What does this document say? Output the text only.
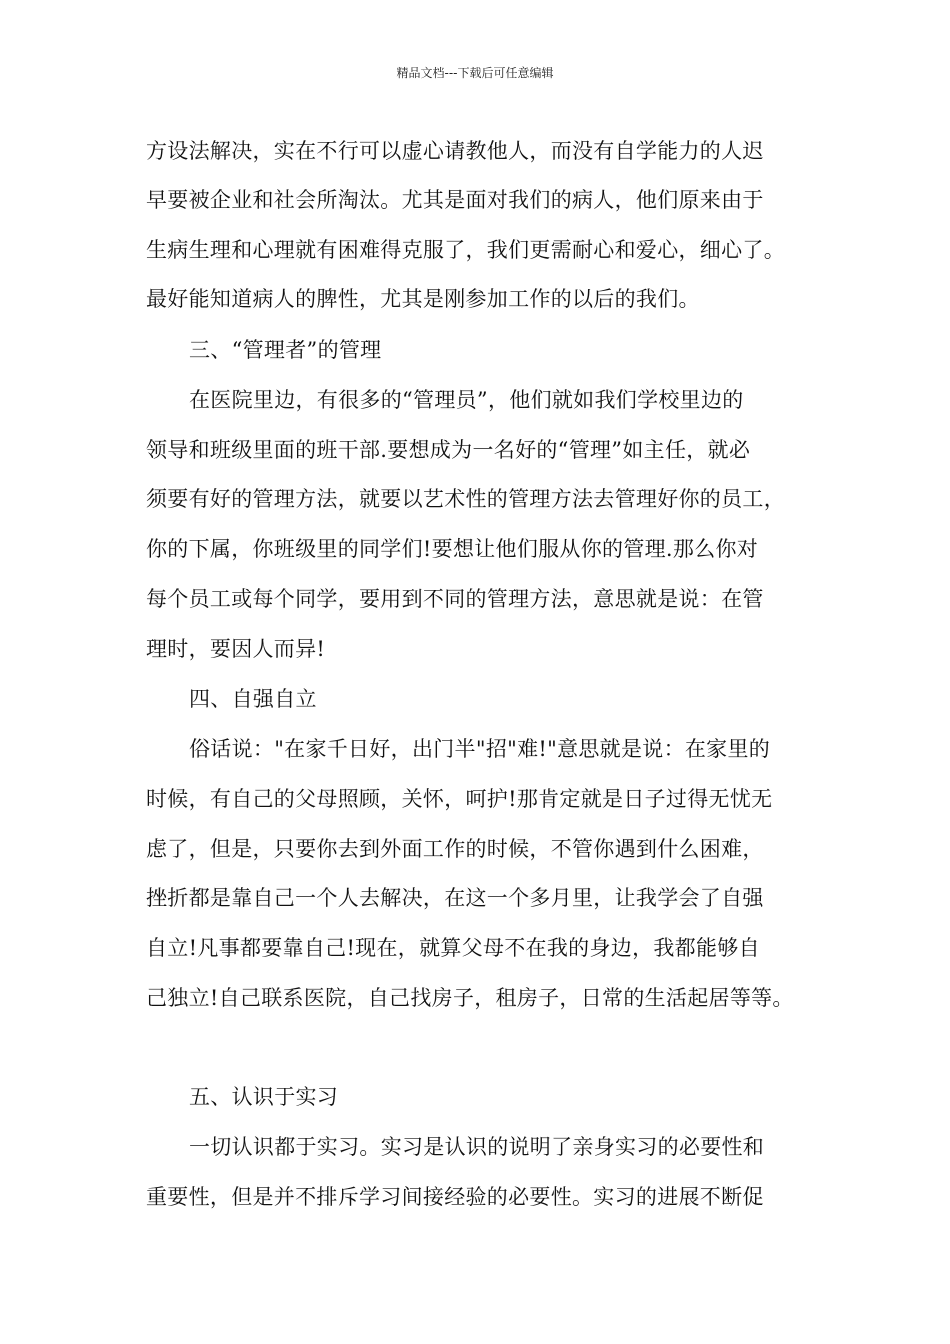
精品文档---下载后可任意编辑
方设法解决，实在不行可以虚心请教他人，而没有自学能力的人迟
早要被企业和社会所淘汰。尤其是面对我们的病人，他们原来由于
生病生理和心理就有困难得克服了，我们更需耐心和爱心，细心了。
最好能知道病人的脾性，尤其是刚参加工作的以后的我们。
三、“管理者”的管理
在医院里边，有很多的“管理员”，他们就如我们学校里边的
领导和班级里面的班干部.要想成为一名好的“管理”如主任，就必
须要有好的管理方法，就要以艺术性的管理方法去管理好你的员工，
你的下属，你班级里的同学们!要想让他们服从你的管理.那么你对
每个员工或每个同学，要用到不同的管理方法，意思就是说：在管
理时，要因人而异!
四、自强自立
俗话说："在家千日好，出门半"招"难!"意思就是说：在家里的
时候，有自己的父母照顾，关怀，呵护!那肯定就是日子过得无忧无
虑了，但是，只要你去到外面工作的时候，不管你遇到什么困难，
挫折都是靠自己一个人去解决，在这一个多月里，让我学会了自强
自立!凡事都要靠自己!现在，就算父母不在我的身边，我都能够自
己独立!自己联系医院，自己找房子，租房子，日常的生活起居等等。
五、认识于实习
一切认识都于实习。实习是认识的说明了亲身实习的必要性和
重要性，但是并不排斥学习间接经验的必要性。实习的进展不断促
